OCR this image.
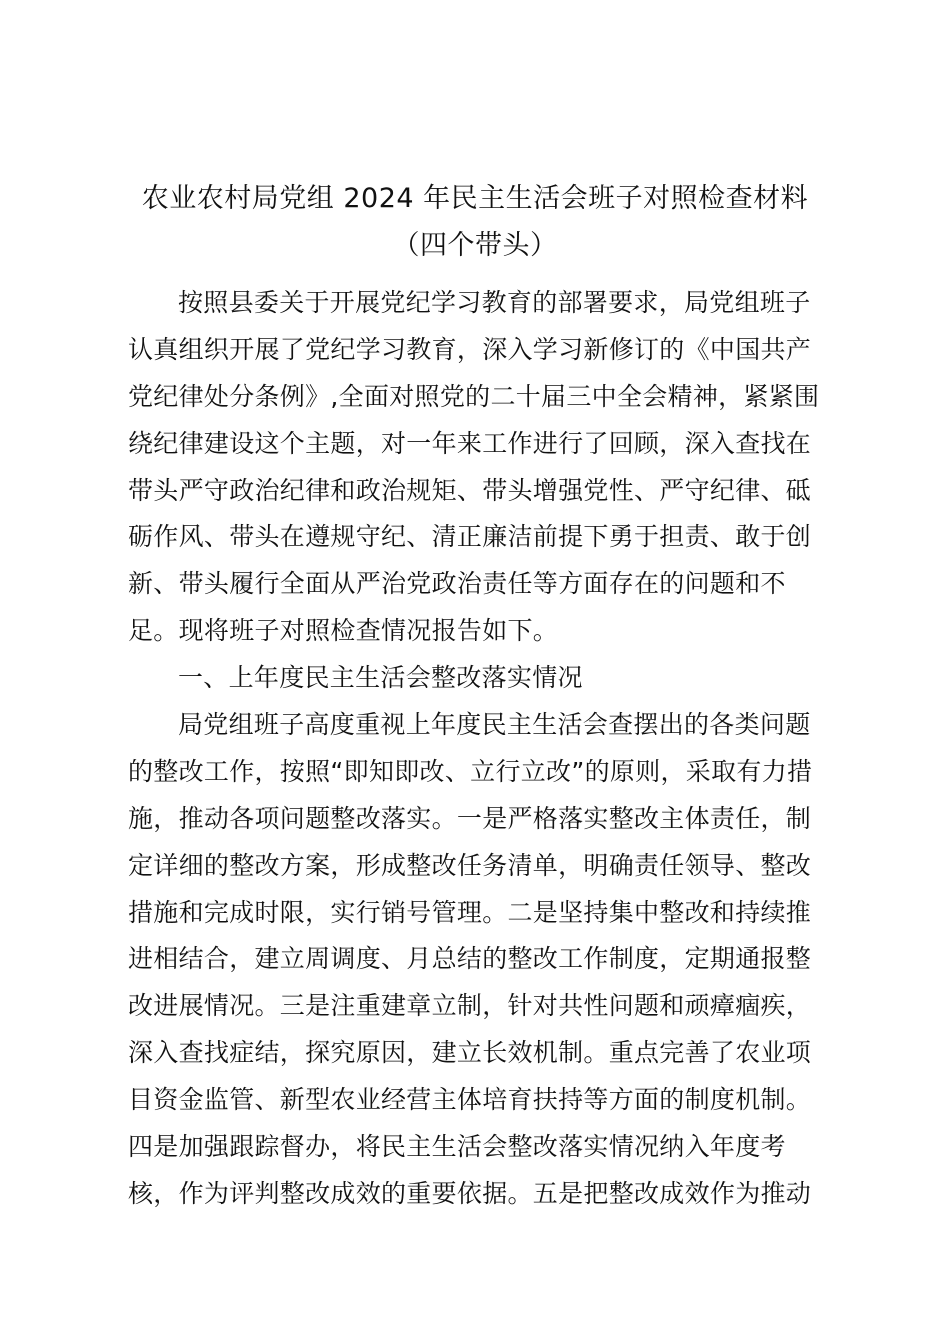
农业农村局党组 2024 年民主生活会班子对照检查材料
（四个带头）
按照县委关于开展党纪学习教育的部署要求，局党组班子
认真组织开展了党纪学习教育，深入学习新修订的《中国共产
党纪律处分条例》,全面对照党的二十届三中全会精神，紧紧围
绕纪律建设这个主题，对一年来工作进行了回顾，深入查找在
带头严守政治纪律和政治规矩、带头增强党性、严守纪律、砥
砺作风、带头在遵规守纪、清正廉洁前提下勇于担责、敢于创
新、带头履行全面从严治党政治责任等方面存在的问题和不
足。现将班子对照检查情况报告如下。
一、上年度民主生活会整改落实情况
局党组班子高度重视上年度民主生活会查摆出的各类问题
的整改工作，按照“即知即改、立行立改”的原则，采取有力措
施，推动各项问题整改落实。一是严格落实整改主体责任，制
定详细的整改方案，形成整改任务清单，明确责任领导、整改
措施和完成时限，实行销号管理。二是坚持集中整改和持续推
进相结合，建立周调度、月总结的整改工作制度，定期通报整
改进展情况。三是注重建章立制，针对共性问题和顽瘴痼疾，
深入查找症结，探究原因，建立长效机制。重点完善了农业项
目资金监管、新型农业经营主体培育扶持等方面的制度机制。
四是加强跟踪督办，将民主生活会整改落实情况纳入年度考
核，作为评判整改成效的重要依据。五是把整改成效作为推动
